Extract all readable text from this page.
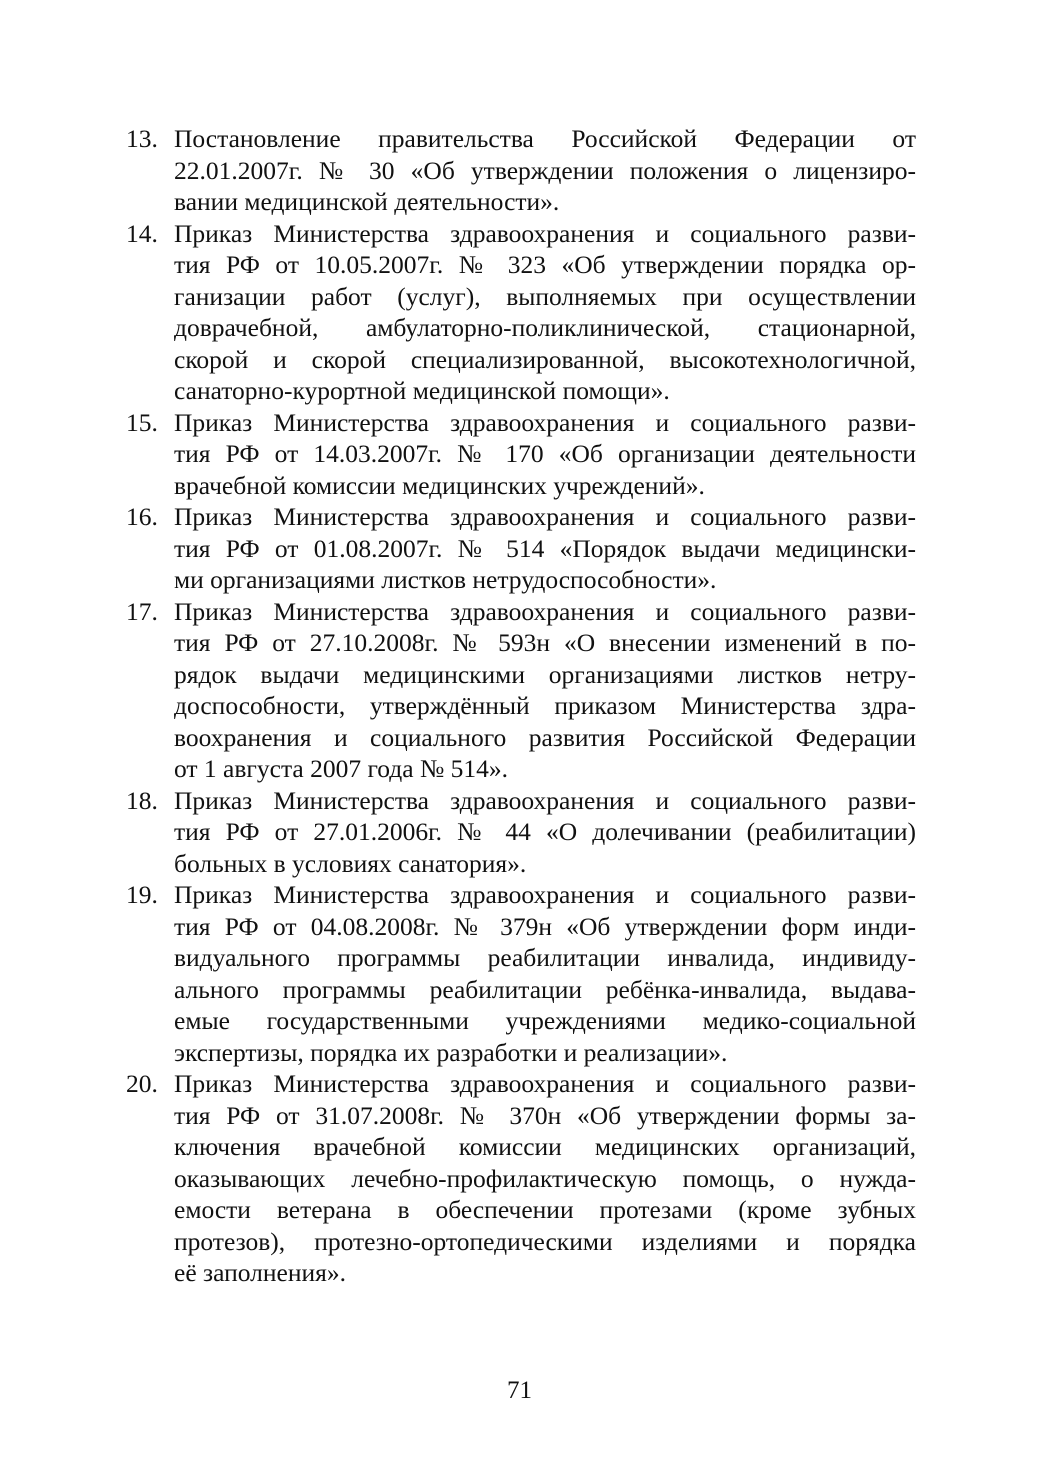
13. Постановление правительства Российской Федерации от
22.01.2007г. № 30 «Об утверждении положения о лицензиро-
вании медицинской деятельности».
14. Приказ Министерства здравоохранения и социального разви-
тия РФ от 10.05.2007г. № 323 «Об утверждении порядка ор-
ганизации работ (услуг), выполняемых при осуществлении
доврачебной, амбулаторно-поликлинической, стационарной,
скорой и скорой специализированной, высокотехнологичной,
санаторно-курортной медицинской помощи».
15. Приказ Министерства здравоохранения и социального разви-
тия РФ от 14.03.2007г. № 170 «Об организации деятельности
врачебной комиссии медицинских учреждений».
16. Приказ Министерства здравоохранения и социального разви-
тия РФ от 01.08.2007г. № 514 «Порядок выдачи медицински-
ми организациями листков нетрудоспособности».
17. Приказ Министерства здравоохранения и социального разви-
тия РФ от 27.10.2008г. № 593н «О внесении изменений в по-
рядок выдачи медицинскими организациями листков нетру-
доспособности, утверждённый приказом Министерства здра-
воохранения и социального развития Российской Федерации
от 1 августа 2007 года № 514».
18. Приказ Министерства здравоохранения и социального разви-
тия РФ от 27.01.2006г. № 44 «О долечивании (реабилитации)
больных в условиях санатория».
19. Приказ Министерства здравоохранения и социального разви-
тия РФ от 04.08.2008г. № 379н «Об утверждении форм инди-
видуального программы реабилитации инвалида, индивиду-
ального программы реабилитации ребёнка-инвалида, выдава-
емые государственными учреждениями медико-социальной
экспертизы, порядка их разработки и реализации».
20. Приказ Министерства здравоохранения и социального разви-
тия РФ от 31.07.2008г. № 370н «Об утверждении формы за-
ключения врачебной комиссии медицинских организаций,
оказывающих лечебно-профилактическую помощь, о нужда-
емости ветерана в обеспечении протезами (кроме зубных
протезов), протезно-ортопедическими изделиями и порядка
её заполнения».
71
